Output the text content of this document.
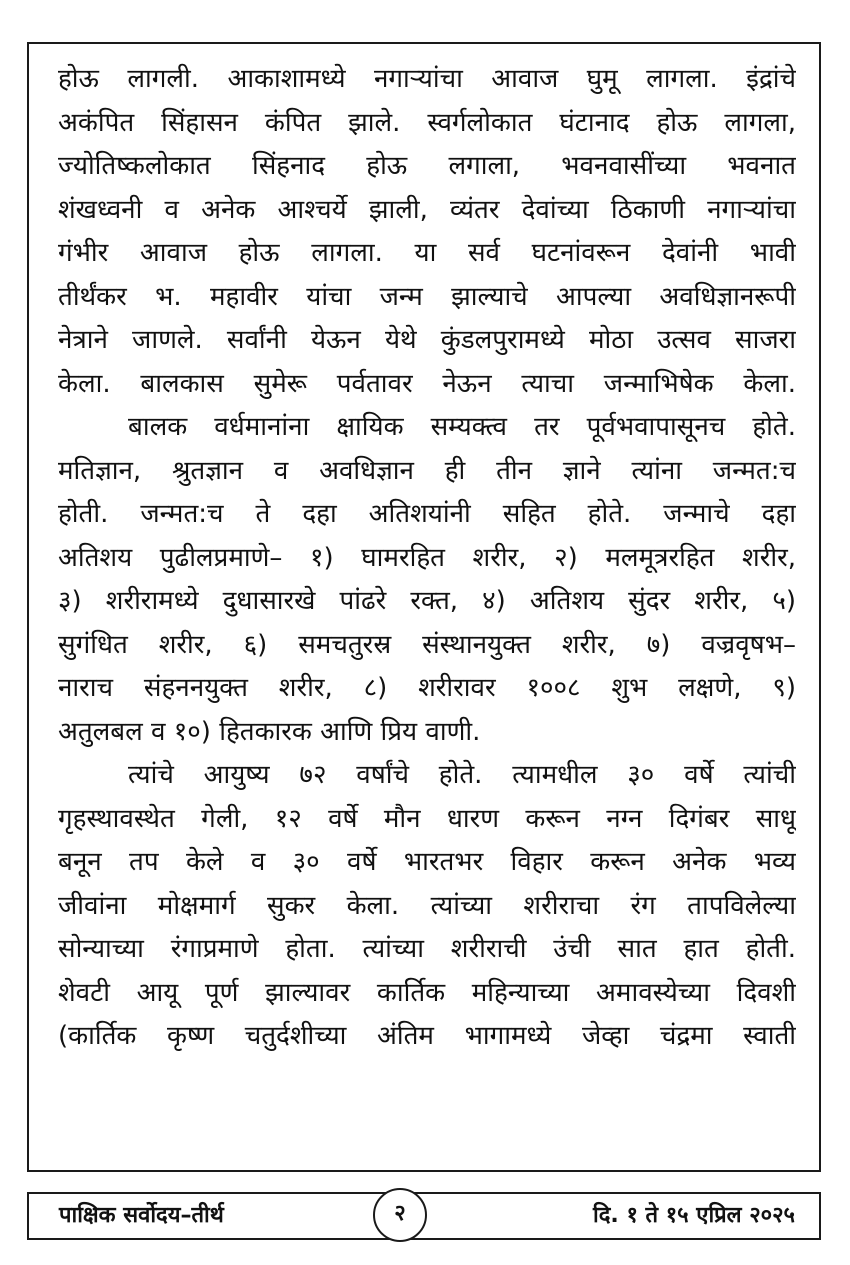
होऊ लागली. आकाशामध्ये नगाऱ्यांचा आवाज घुमू लागला. इंद्रांचे
अकंपित सिंहासन कंपित झाले. स्वर्गलोकात घंटानाद होऊ लागला,
ज्योतिष्कलोकात सिंहनाद होऊ लगाला, भवनवासींच्या भवनात
शंखध्वनी व अनेक आश्चर्ये झाली, व्यंतर देवांच्या ठिकाणी नगाऱ्यांचा
गंभीर आवाज होऊ लागला. या सर्व घटनांवरून देवांनी भावी
तीर्थंकर भ. महावीर यांचा जन्म झाल्याचे आपल्या अवधिज्ञानरूपी
नेत्राने जाणले. सर्वांनी येऊन येथे कुंडलपुरामध्ये मोठा उत्सव साजरा
केला. बालकास सुमेरू पर्वतावर नेऊन त्याचा जन्माभिषेक केला.
बालक वर्धमानांना क्षायिक सम्यक्त्व तर पूर्वभवापासूनच होते.
मतिज्ञान, श्रुतज्ञान व अवधिज्ञान ही तीन ज्ञाने त्यांना जन्मत:च
होती. जन्मत:च ते दहा अतिशयांनी सहित होते. जन्माचे दहा
अतिशय पुढीलप्रमाणे– १) घामरहित शरीर, २) मलमूत्ररहित शरीर,
३) शरीरामध्ये दुधासारखे पांढरे रक्त, ४) अतिशय सुंदर शरीर, ५)
सुगंधित शरीर, ६) समचतुरस्र संस्थानयुक्त शरीर, ७) वज्रवृषभ–
नाराच संहननयुक्त शरीर, ८) शरीरावर १००८ शुभ लक्षणे, ९)
अतुलबल व १०) हितकारक आणि प्रिय वाणी.
त्यांचे आयुष्य ७२ वर्षांचे होते. त्यामधील ३० वर्षे त्यांची
गृहस्थावस्थेत गेली, १२ वर्षे मौन धारण करून नग्न दिगंबर साधू
बनून तप केले व ३० वर्षे भारतभर विहार करून अनेक भव्य
जीवांना मोक्षमार्ग सुकर केला. त्यांच्या शरीराचा रंग तापविलेल्या
सोन्याच्या रंगाप्रमाणे होता. त्यांच्या शरीराची उंची सात हात होती.
शेवटी आयू पूर्ण झाल्यावर कार्तिक महिन्याच्या अमावस्येच्या दिवशी
(कार्तिक कृष्ण चतुर्दशीच्या अंतिम भागामध्ये जेव्हा चंद्रमा स्वाती
पाक्षिक सर्वोदय–तीर्थ	दि. १ ते १५ एप्रिल २०२५
२
